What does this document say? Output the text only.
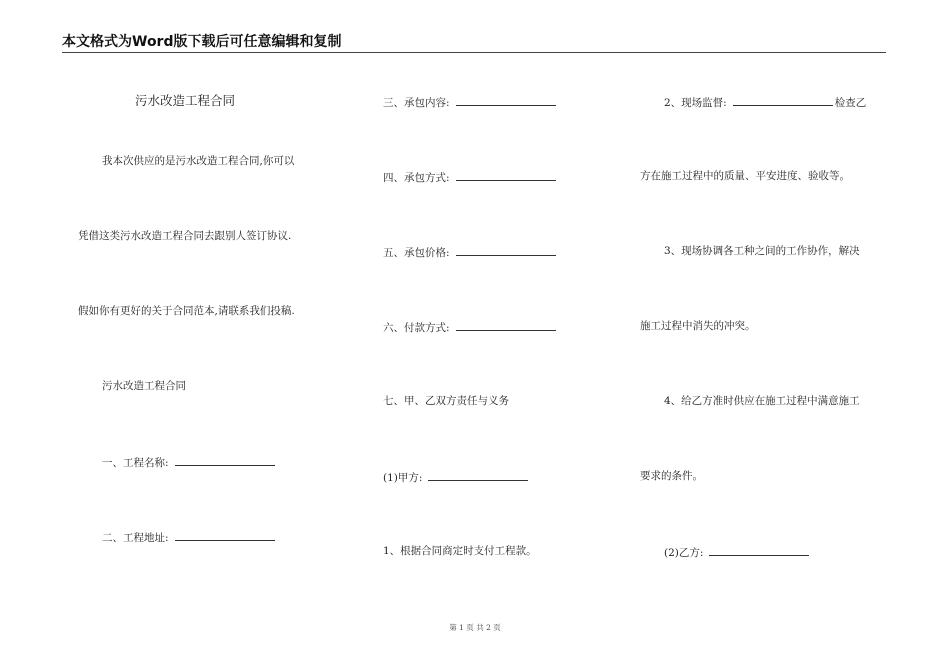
本文格式为Word版下载后可任意编辑和复制
污水改造工程合同
我本次供应的是污水改造工程合同,你可以
凭借这类污水改造工程合同去跟别人签订协议.
假如你有更好的关于合同范本,请联系我们投稿.
污水改造工程合同
一、工程名称:
二、工程地址:
三、承包内容:
四、承包方式:
五、承包价格:
六、付款方式:
七、甲、乙双方责任与义务
(1)甲方:
1、根据合同商定时支付工程款。
2、现场监督:	检查乙
方在施工过程中的质量、平安进度、验收等。
3、现场协调各工种之间的工作协作，解决
施工过程中消失的冲突。
4、给乙方准时供应在施工过程中满意施工
要求的条件。
(2)乙方:
第 1 页 共 2 页
